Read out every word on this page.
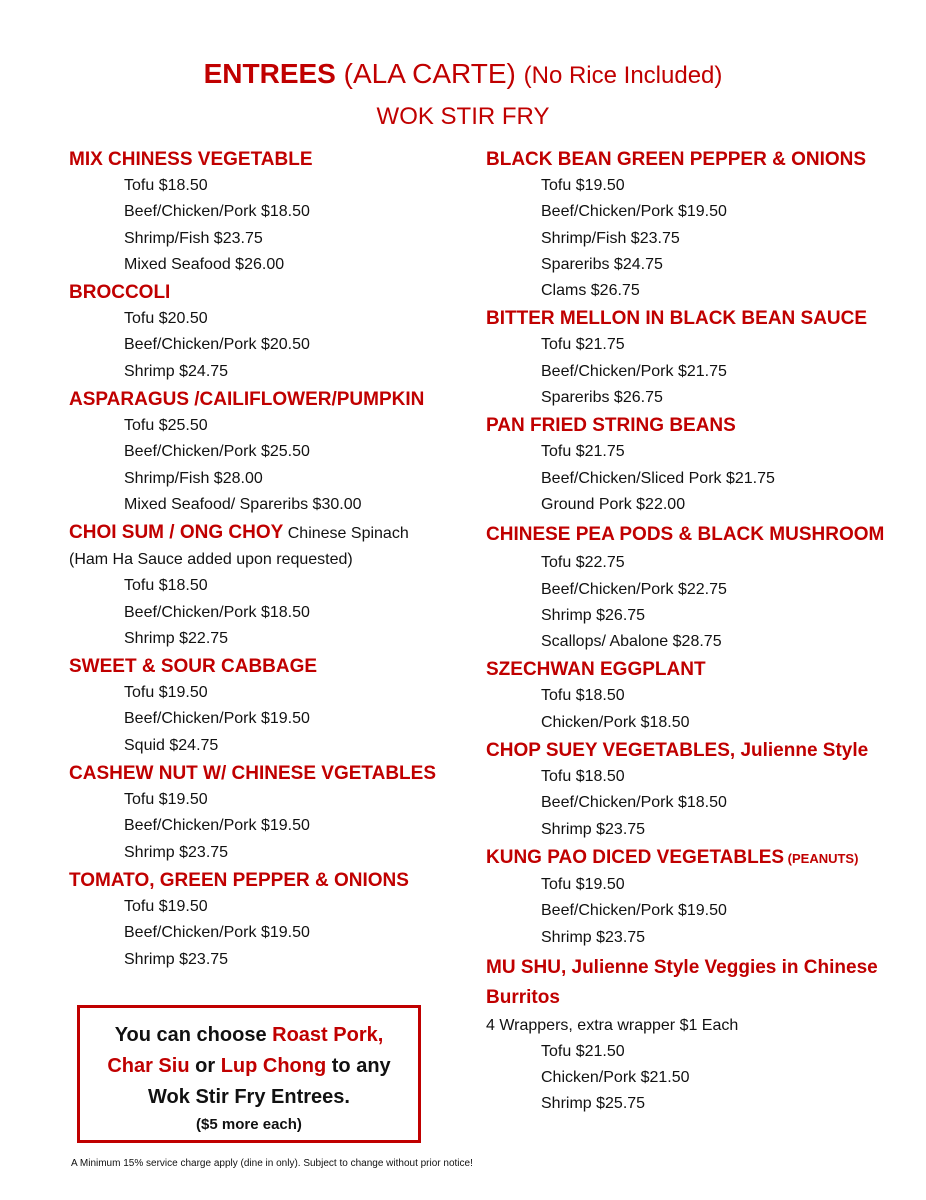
ENTREES (ALA CARTE) (No Rice Included)
WOK STIR FRY
MIX CHINESS VEGETABLE
Tofu $18.50
Beef/Chicken/Pork $18.50
Shrimp/Fish $23.75
Mixed Seafood $26.00
BROCCOLI
Tofu $20.50
Beef/Chicken/Pork $20.50
Shrimp $24.75
ASPARAGUS /CAILIFLOWER/PUMPKIN
Tofu $25.50
Beef/Chicken/Pork $25.50
Shrimp/Fish $28.00
Mixed Seafood/ Spareribs $30.00
CHOI SUM / ONG CHOY Chinese Spinach
(Ham Ha Sauce added upon requested)
Tofu $18.50
Beef/Chicken/Pork $18.50
Shrimp $22.75
SWEET & SOUR CABBAGE
Tofu $19.50
Beef/Chicken/Pork $19.50
Squid $24.75
CASHEW NUT W/ CHINESE VGETABLES
Tofu $19.50
Beef/Chicken/Pork $19.50
Shrimp $23.75
TOMATO, GREEN PEPPER & ONIONS
Tofu $19.50
Beef/Chicken/Pork $19.50
Shrimp $23.75
BLACK BEAN GREEN PEPPER & ONIONS
Tofu $19.50
Beef/Chicken/Pork $19.50
Shrimp/Fish $23.75
Spareribs $24.75
Clams $26.75
BITTER MELLON IN BLACK BEAN SAUCE
Tofu $21.75
Beef/Chicken/Pork $21.75
Spareribs $26.75
PAN FRIED STRING BEANS
Tofu $21.75
Beef/Chicken/Sliced Pork $21.75
Ground Pork $22.00
CHINESE PEA PODS & BLACK MUSHROOM
Tofu $22.75
Beef/Chicken/Pork $22.75
Shrimp $26.75
Scallops/ Abalone $28.75
SZECHWAN EGGPLANT
Tofu $18.50
Chicken/Pork $18.50
CHOP SUEY VEGETABLES, Julienne Style
Tofu $18.50
Beef/Chicken/Pork $18.50
Shrimp $23.75
KUNG PAO DICED VEGETABLES (PEANUTS)
Tofu $19.50
Beef/Chicken/Pork $19.50
Shrimp $23.75
MU SHU, Julienne Style Veggies in Chinese Burritos
4 Wrappers, extra wrapper $1 Each
Tofu $21.50
Chicken/Pork $21.50
Shrimp $25.75
You can choose Roast Pork,
Char Siu or Lup Chong to any
Wok Stir Fry Entrees.
($5 more each)
A Minimum 15% service charge apply (dine in only). Subject to change without prior notice!
